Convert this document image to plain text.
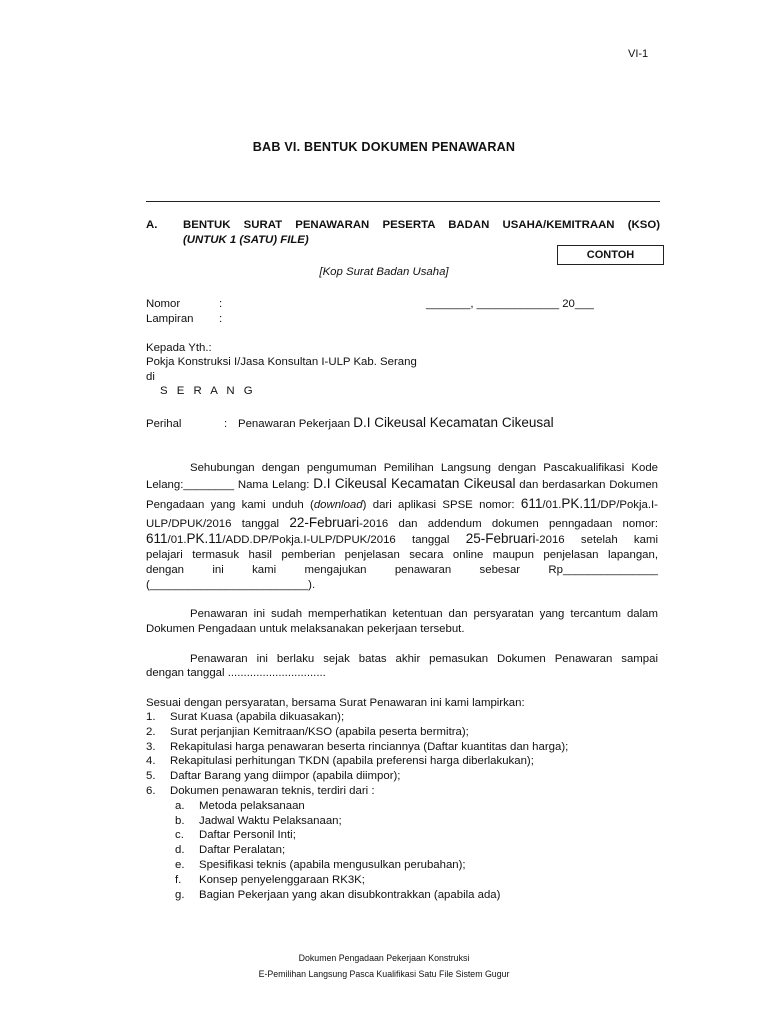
VI-1
BAB VI. BENTUK DOKUMEN PENAWARAN
A. BENTUK SURAT PENAWARAN PESERTA BADAN USAHA/KEMITRAAN (KSO)
(UNTUK 1 (SATU) FILE)
CONTOH
[Kop Surat Badan Usaha]
Nomor	:	_______, _____________ 20___
Lampiran :
Kepada Yth.:
Pokja Konstruksi I/Jasa Konsultan I-ULP Kab. Serang
di
S E R A N G
Perihal	: Penawaran Pekerjaan D.I Cikeusal Kecamatan Cikeusal
Sehubungan dengan pengumuman Pemilihan Langsung dengan Pascakualifikasi Kode
Lelang:________ Nama Lelang: D.I Cikeusal Kecamatan Cikeusal dan berdasarkan Dokumen
Pengadaan yang kami unduh (download) dari aplikasi SPSE nomor: 611/01.PK.11/DP/Pokja.I-
ULP/DPUK/2016 tanggal 22-Februari-2016 dan addendum dokumen penngadaan nomor:
611/01.PK.11/ADD.DP/Pokja.I-ULP/DPUK/2016 tanggal 25-Februari-2016 setelah kami
pelajari termasuk hasil pemberian penjelasan secara online maupun penjelasan lapangan,
dengan ini kami mengajukan penawaran sebesar Rp_______________
(_________________________).
Penawaran ini sudah memperhatikan ketentuan dan persyaratan yang tercantum dalam
Dokumen Pengadaan untuk melaksanakan pekerjaan tersebut.
Penawaran ini berlaku sejak batas akhir pemasukan Dokumen Penawaran sampai
dengan tanggal ...............................
Sesuai dengan persyaratan, bersama Surat Penawaran ini kami lampirkan:
1. Surat Kuasa (apabila dikuasakan);
2. Surat perjanjian Kemitraan/KSO (apabila peserta bermitra);
3. Rekapitulasi harga penawaran beserta rinciannya (Daftar kuantitas dan harga);
4. Rekapitulasi perhitungan TKDN (apabila preferensi harga diberlakukan);
5. Daftar Barang yang diimpor (apabila diimpor);
6. Dokumen penawaran teknis, terdiri dari :
a. Metoda pelaksanaan
b. Jadwal Waktu Pelaksanaan;
c. Daftar Personil Inti;
d. Daftar Peralatan;
e. Spesifikasi teknis (apabila mengusulkan perubahan);
f. Konsep penyelenggaraan RK3K;
g. Bagian Pekerjaan yang akan disubkontrakkan (apabila ada)
Dokumen Pengadaan Pekerjaan Konstruksi
E-Pemilihan Langsung Pasca Kualifikasi Satu File Sistem Gugur
